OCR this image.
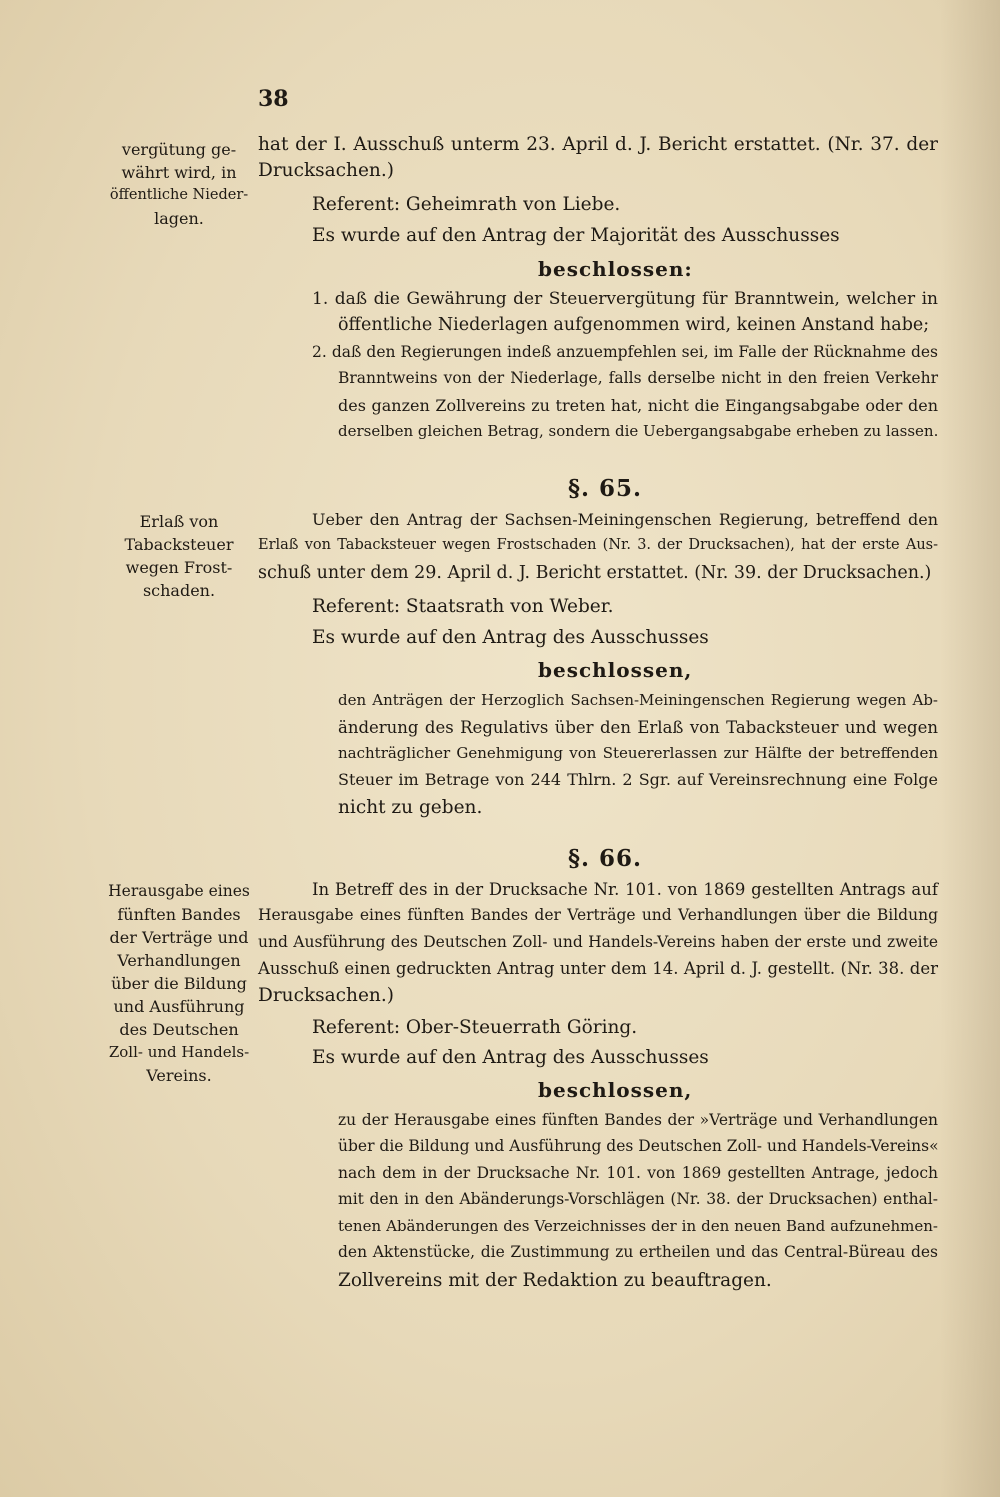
38
vergütung ge-
währt wird, in
öffentliche Nieder-
lagen.
Erlaß von
Tabacksteuer
wegen Frost-
schaden.
Herausgabe eines
fünften Bandes
der Verträge und
Verhandlungen
über die Bildung
und Ausführung
des Deutschen
Zoll- und Handels-
Vereins.
hat der I. Ausschuß unterm 23. April d. J. Bericht erstattet. (Nr. 37. der
Drucksachen.)
Referent: Geheimrath von Liebe.
Es wurde auf den Antrag der Majorität des Ausschusses
beschlossen:
1. daß die Gewährung der Steuervergütung für Branntwein, welcher in
öffentliche Niederlagen aufgenommen wird, keinen Anstand habe;
2. daß den Regierungen indeß anzuempfehlen sei, im Falle der Rücknahme des
Branntweins von der Niederlage, falls derselbe nicht in den freien Verkehr
des ganzen Zollvereins zu treten hat, nicht die Eingangsabgabe oder den
derselben gleichen Betrag, sondern die Uebergangsabgabe erheben zu lassen.
§. 65.
Ueber den Antrag der Sachsen-Meiningenschen Regierung, betreffend den
Erlaß von Tabacksteuer wegen Frostschaden (Nr. 3. der Drucksachen), hat der erste Aus-
schuß unter dem 29. April d. J. Bericht erstattet. (Nr. 39. der Drucksachen.)
Referent: Staatsrath von Weber.
Es wurde auf den Antrag des Ausschusses
beschlossen,
den Anträgen der Herzoglich Sachsen-Meiningenschen Regierung wegen Ab-
änderung des Regulativs über den Erlaß von Tabacksteuer und wegen
nachträglicher Genehmigung von Steuererlassen zur Hälfte der betreffenden
Steuer im Betrage von 244 Thlrn. 2 Sgr. auf Vereinsrechnung eine Folge
nicht zu geben.
§. 66.
In Betreff des in der Drucksache Nr. 101. von 1869 gestellten Antrags auf
Herausgabe eines fünften Bandes der Verträge und Verhandlungen über die Bildung
und Ausführung des Deutschen Zoll- und Handels-Vereins haben der erste und zweite
Ausschuß einen gedruckten Antrag unter dem 14. April d. J. gestellt. (Nr. 38. der
Drucksachen.)
Referent: Ober-Steuerrath Göring.
Es wurde auf den Antrag des Ausschusses
beschlossen,
zu der Herausgabe eines fünften Bandes der »Verträge und Verhandlungen
über die Bildung und Ausführung des Deutschen Zoll- und Handels-Vereins«
nach dem in der Drucksache Nr. 101. von 1869 gestellten Antrage, jedoch
mit den in den Abänderungs-Vorschlägen (Nr. 38. der Drucksachen) enthal-
tenen Abänderungen des Verzeichnisses der in den neuen Band aufzunehmen-
den Aktenstücke, die Zustimmung zu ertheilen und das Central-Büreau des
Zollvereins mit der Redaktion zu beauftragen.
